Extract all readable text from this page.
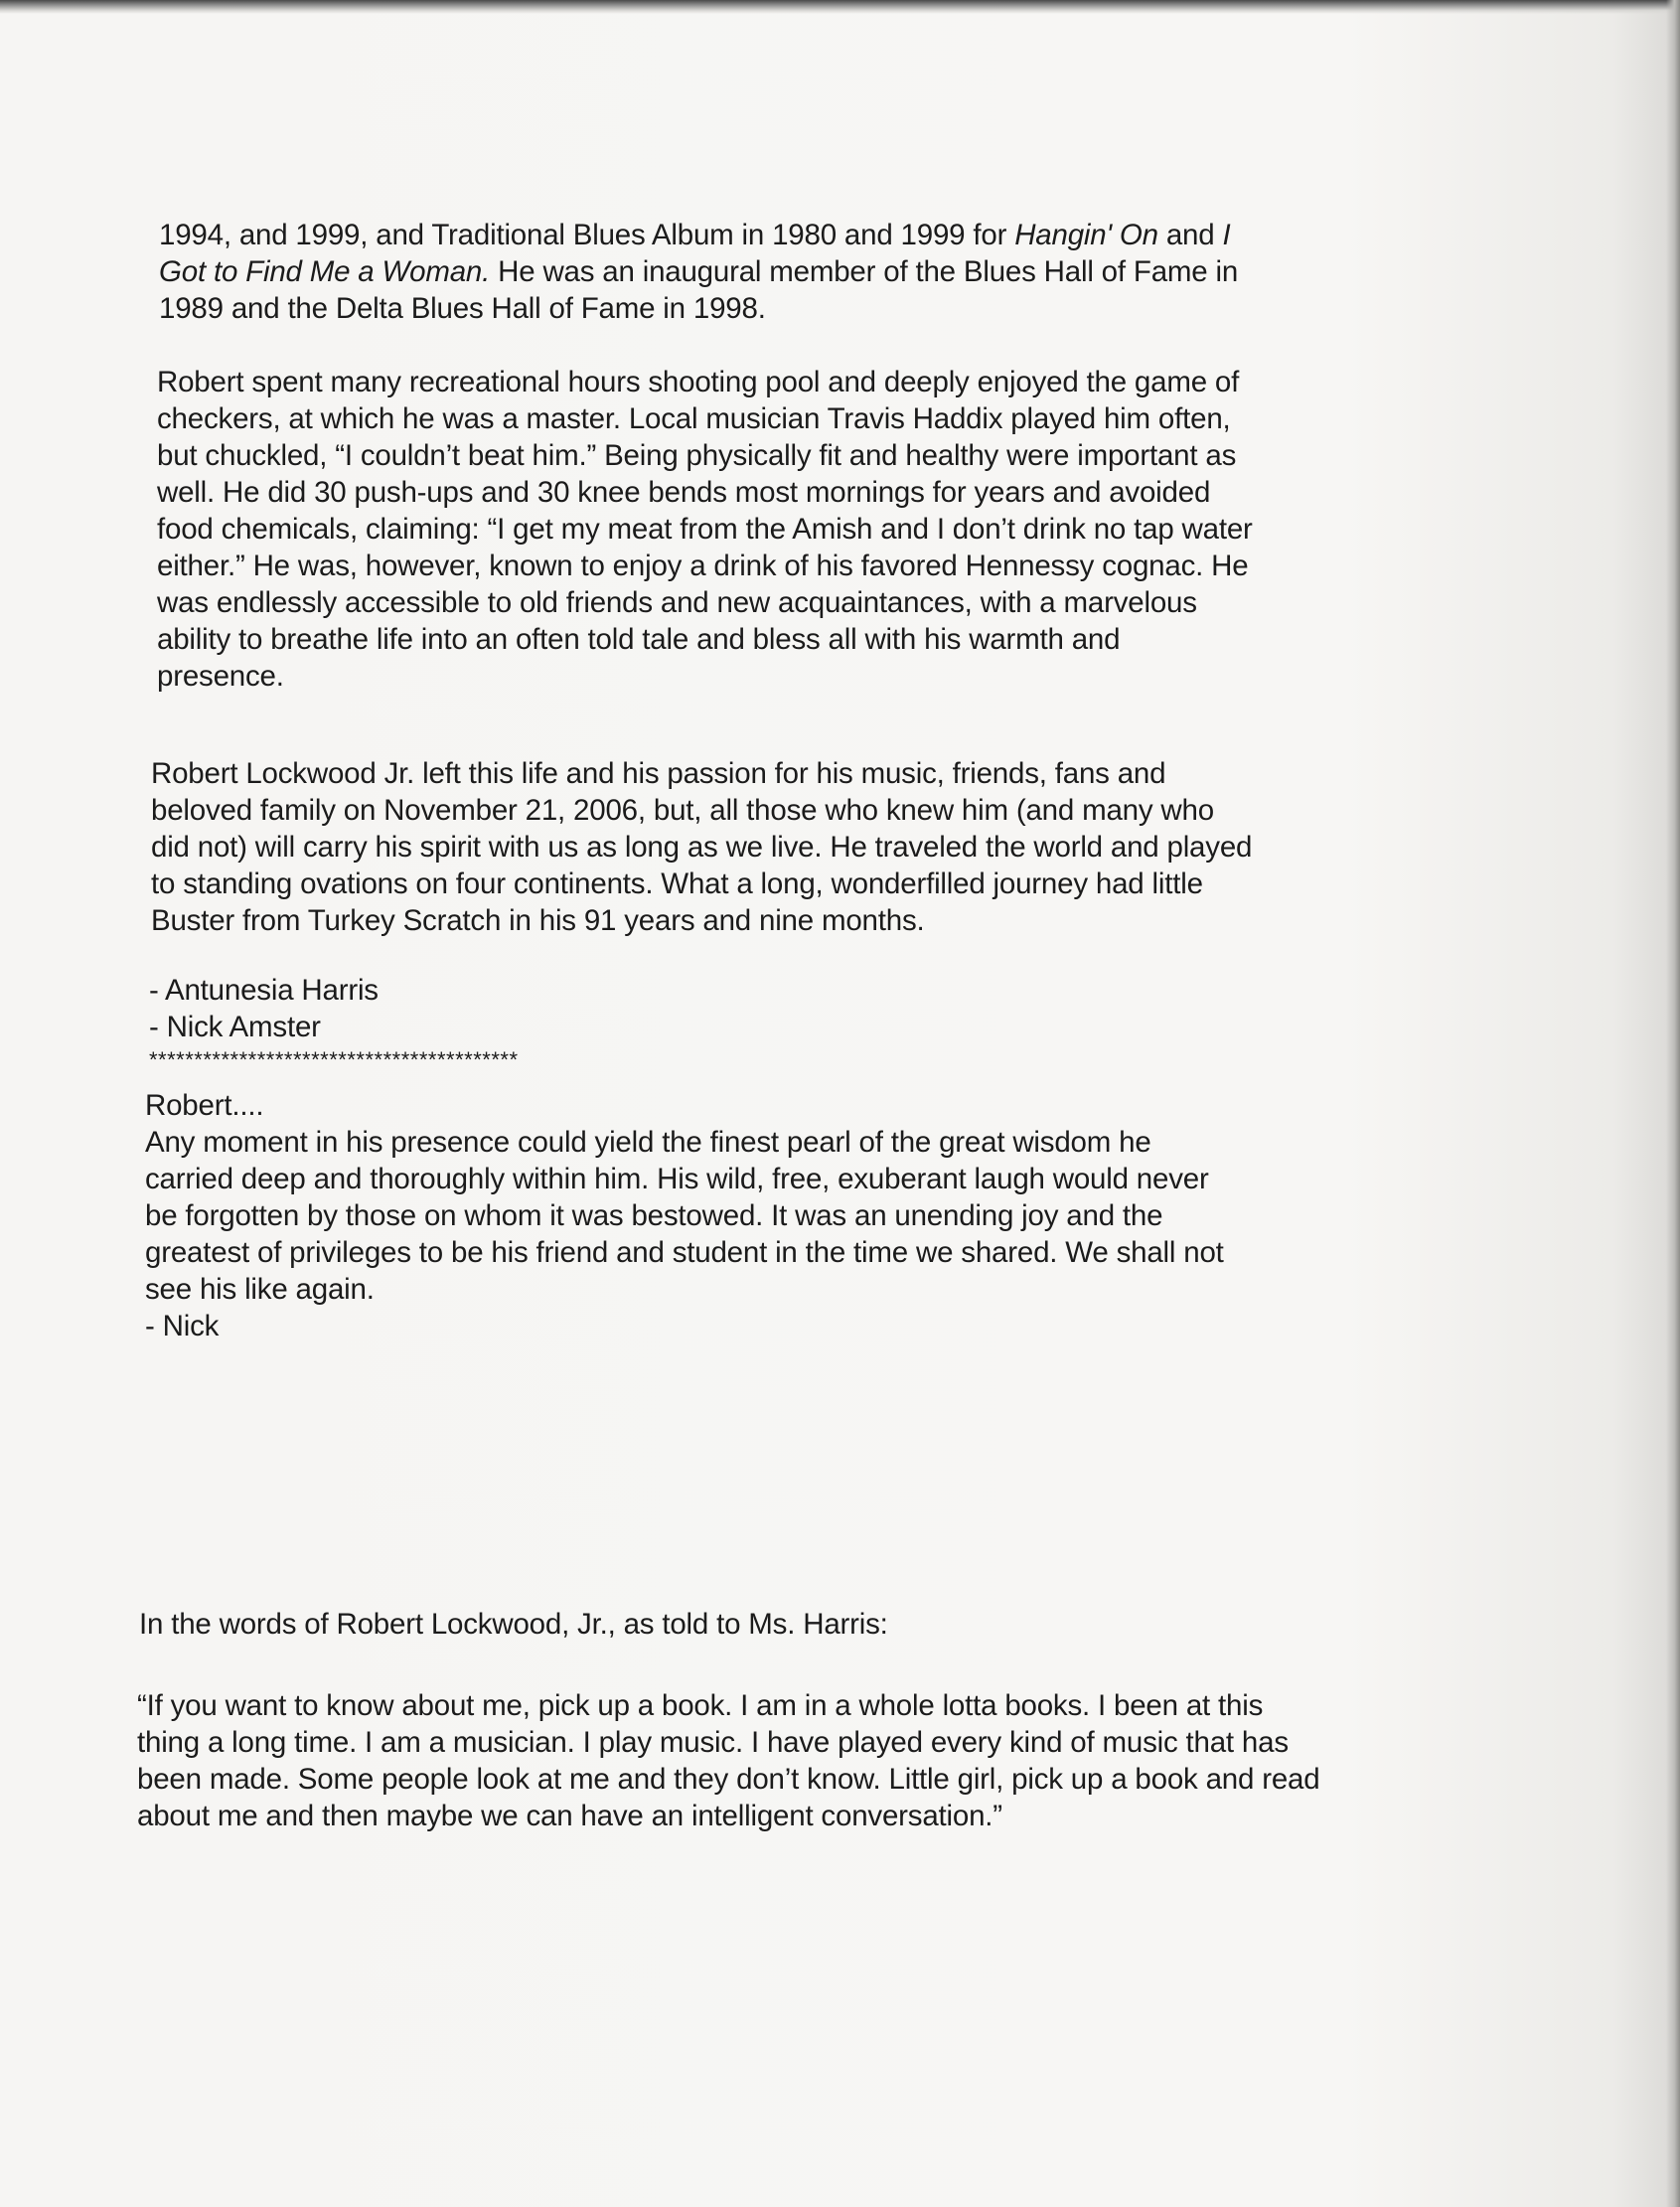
1994, and 1999, and Traditional Blues Album in 1980 and 1999 for Hangin' On and I

Got to Find Me a Woman. He was an inaugural member of the Blues Hall of Fame in

1989 and the Delta Blues Hall of Fame in 1998.

Robert spent many recreational hours shooting pool and deeply enjoyed the game of

checkers, at which he was a master. Local musician Travis Haddix played him often,

but chuckled, “I couldn’t beat him.” Being physically fit and healthy were important as

well. He did 30 push-ups and 30 knee bends most mornings for years and avoided

food chemicals, claiming: “I get my meat from the Amish and I don’t drink no tap water

either.” He was, however, known to enjoy a drink of his favored Hennessy cognac. He

was endlessly accessible to old friends and new acquaintances, with a marvelous

ability to breathe life into an often told tale and bless all with his warmth and

presence.

Robert Lockwood Jr. left this life and his passion for his music, friends, fans and

beloved family on November 21, 2006, but, all those who knew him (and many who

did not) will carry his spirit with us as long as we live. He traveled the world and played

to standing ovations on four continents. What a long, wonderfilled journey had little

Buster from Turkey Scratch in his 91 years and nine months.

- Antunesia Harris

- Nick Amster

*****************************************

Robert....

Any moment in his presence could yield the finest pearl of the great wisdom he

carried deep and thoroughly within him. His wild, free, exuberant laugh would never

be forgotten by those on whom it was bestowed. It was an unending joy and the

greatest of privileges to be his friend and student in the time we shared. We shall not

see his like again.

- Nick

In the words of Robert Lockwood, Jr., as told to Ms. Harris:

“If you want to know about me, pick up a book. I am in a whole lotta books. I been at this

thing a long time. I am a musician. I play music. I have played every kind of music that has

been made. Some people look at me and they don’t know. Little girl, pick up a book and read

about me and then maybe we can have an intelligent conversation.”
